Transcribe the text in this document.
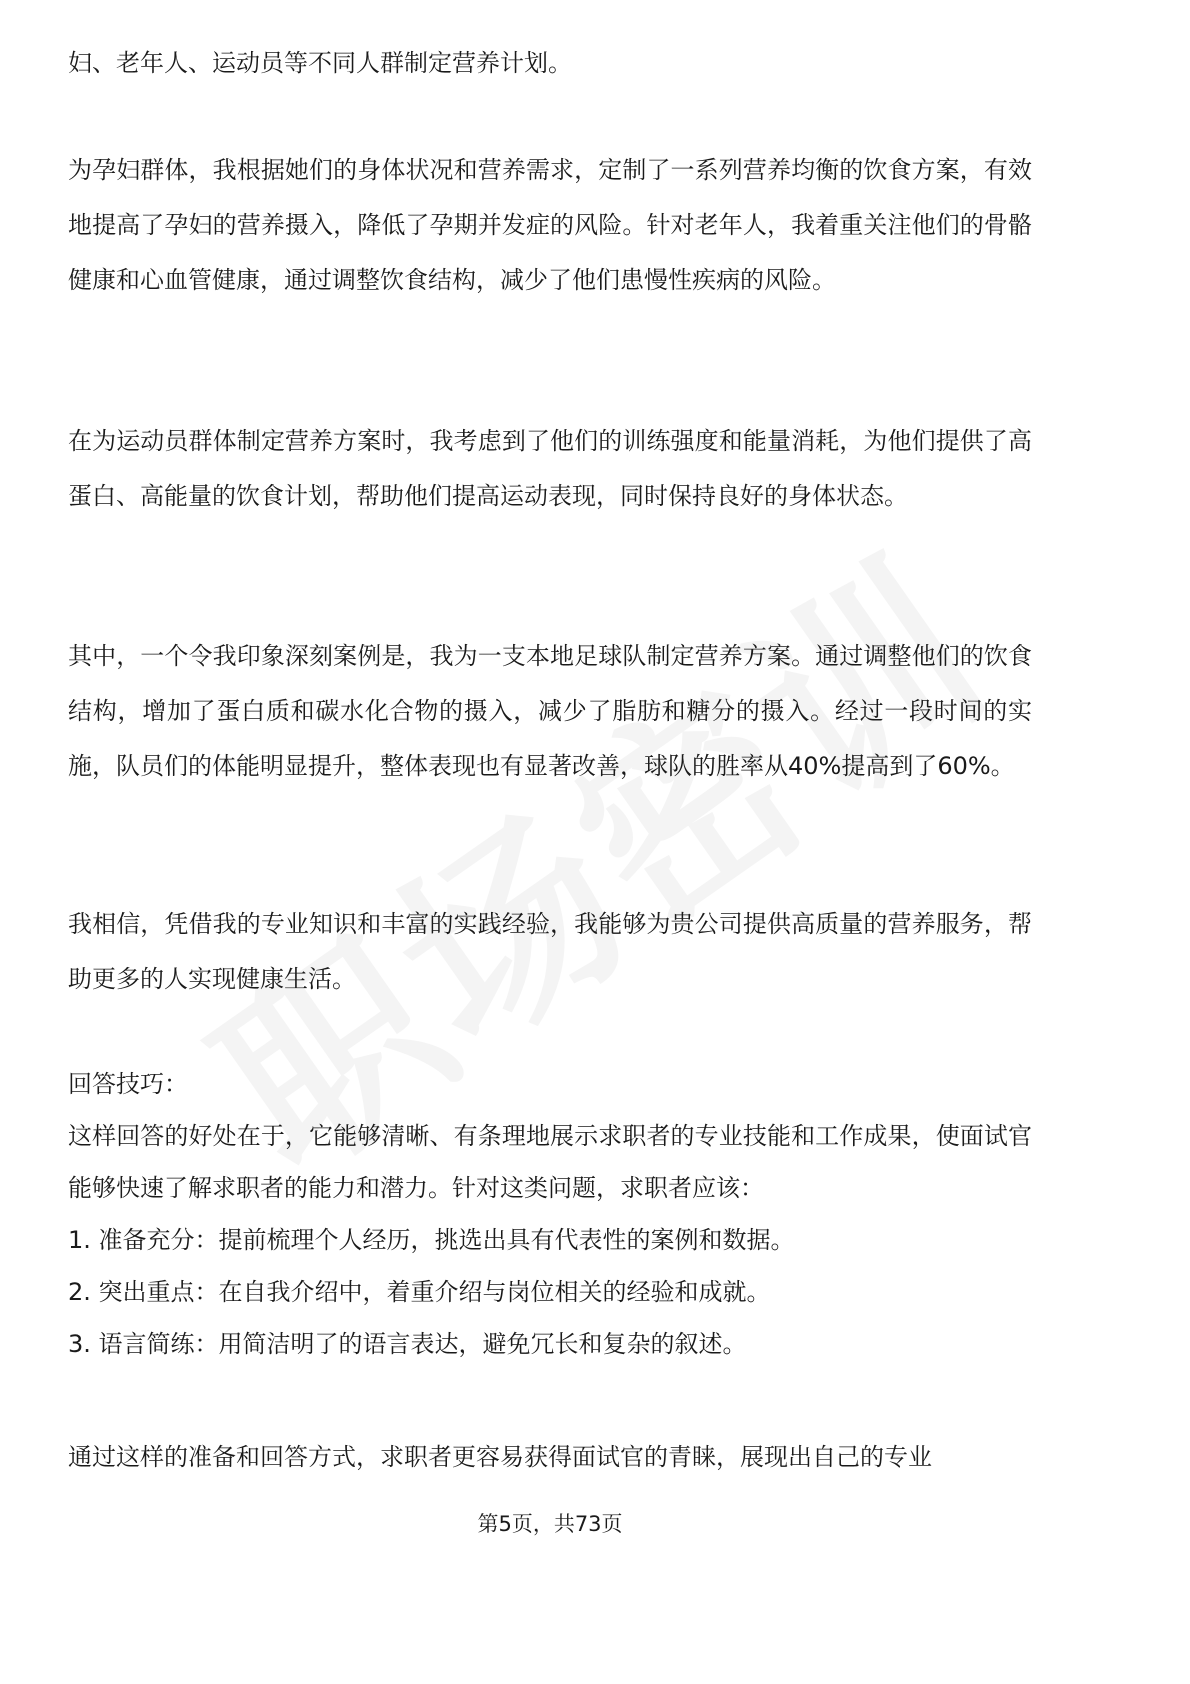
妇、老年人、运动员等不同人群制定营养计划。

为孕妇群体，我根据她们的身体状况和营养需求，定制了一系列营养均衡的饮食方案，有效地提高了孕妇的营养摄入，降低了孕期并发症的风险。针对老年人，我着重关注他们的骨骼健康和心血管健康，通过调整饮食结构，减少了他们患慢性疾病的风险。

在为运动员群体制定营养方案时，我考虑到了他们的训练强度和能量消耗，为他们提供了高蛋白、高能量的饮食计划，帮助他们提高运动表现，同时保持良好的身体状态。

其中，一个令我印象深刻案例是，我为一支本地足球队制定营养方案。通过调整他们的饮食结构，增加了蛋白质和碳水化合物的摄入，减少了脂肪和糖分的摄入。经过一段时间的实施，队员们的体能明显提升，整体表现也有显著改善，球队的胜率从40%提高到了60%。

我相信，凭借我的专业知识和丰富的实践经验，我能够为贵公司提供高质量的营养服务，帮助更多的人实现健康生活。

回答技巧：

这样回答的好处在于，它能够清晰、有条理地展示求职者的专业技能和工作成果，使面试官能够快速了解求职者的能力和潜力。针对这类问题，求职者应该：

1. 准备充分：提前梳理个人经历，挑选出具有代表性的案例和数据。

2. 突出重点：在自我介绍中，着重介绍与岗位相关的经验和成就。

3. 语言简练：用简洁明了的语言表达，避免冗长和复杂的叙述。

通过这样的准备和回答方式，求职者更容易获得面试官的青睐，展现出自己的专业

第5页，共73页
